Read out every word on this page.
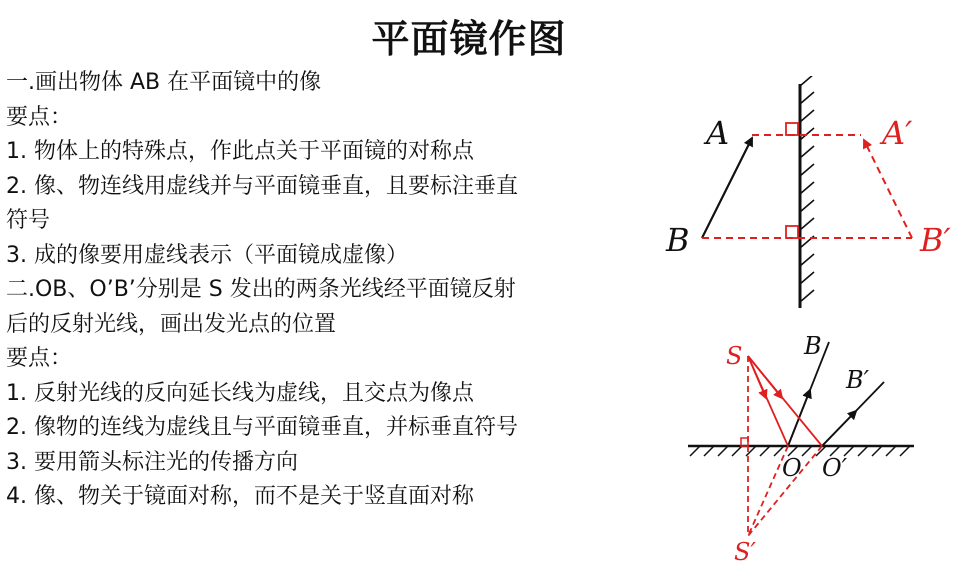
平面镜作图
一.画出物体 AB 在平面镜中的像
要点：
1. 物体上的特殊点，作此点关于平面镜的对称点
2. 像、物连线用虚线并与平面镜垂直，且要标注垂直
符号
3. 成的像要用虚线表示（平面镜成虚像）
二.OB、O’B’分别是 S 发出的两条光线经平面镜反射
后的反射光线，画出发光点的位置
要点：
1. 反射光线的反向延长线为虚线，且交点为像点
2. 像物的连线为虚线且与平面镜垂直，并标垂直符号
3. 要用箭头标注光的传播方向
4. 像、物关于镜面对称，而不是关于竖直面对称
A
B
A′
B′
S	B
B′
O O′
S′
